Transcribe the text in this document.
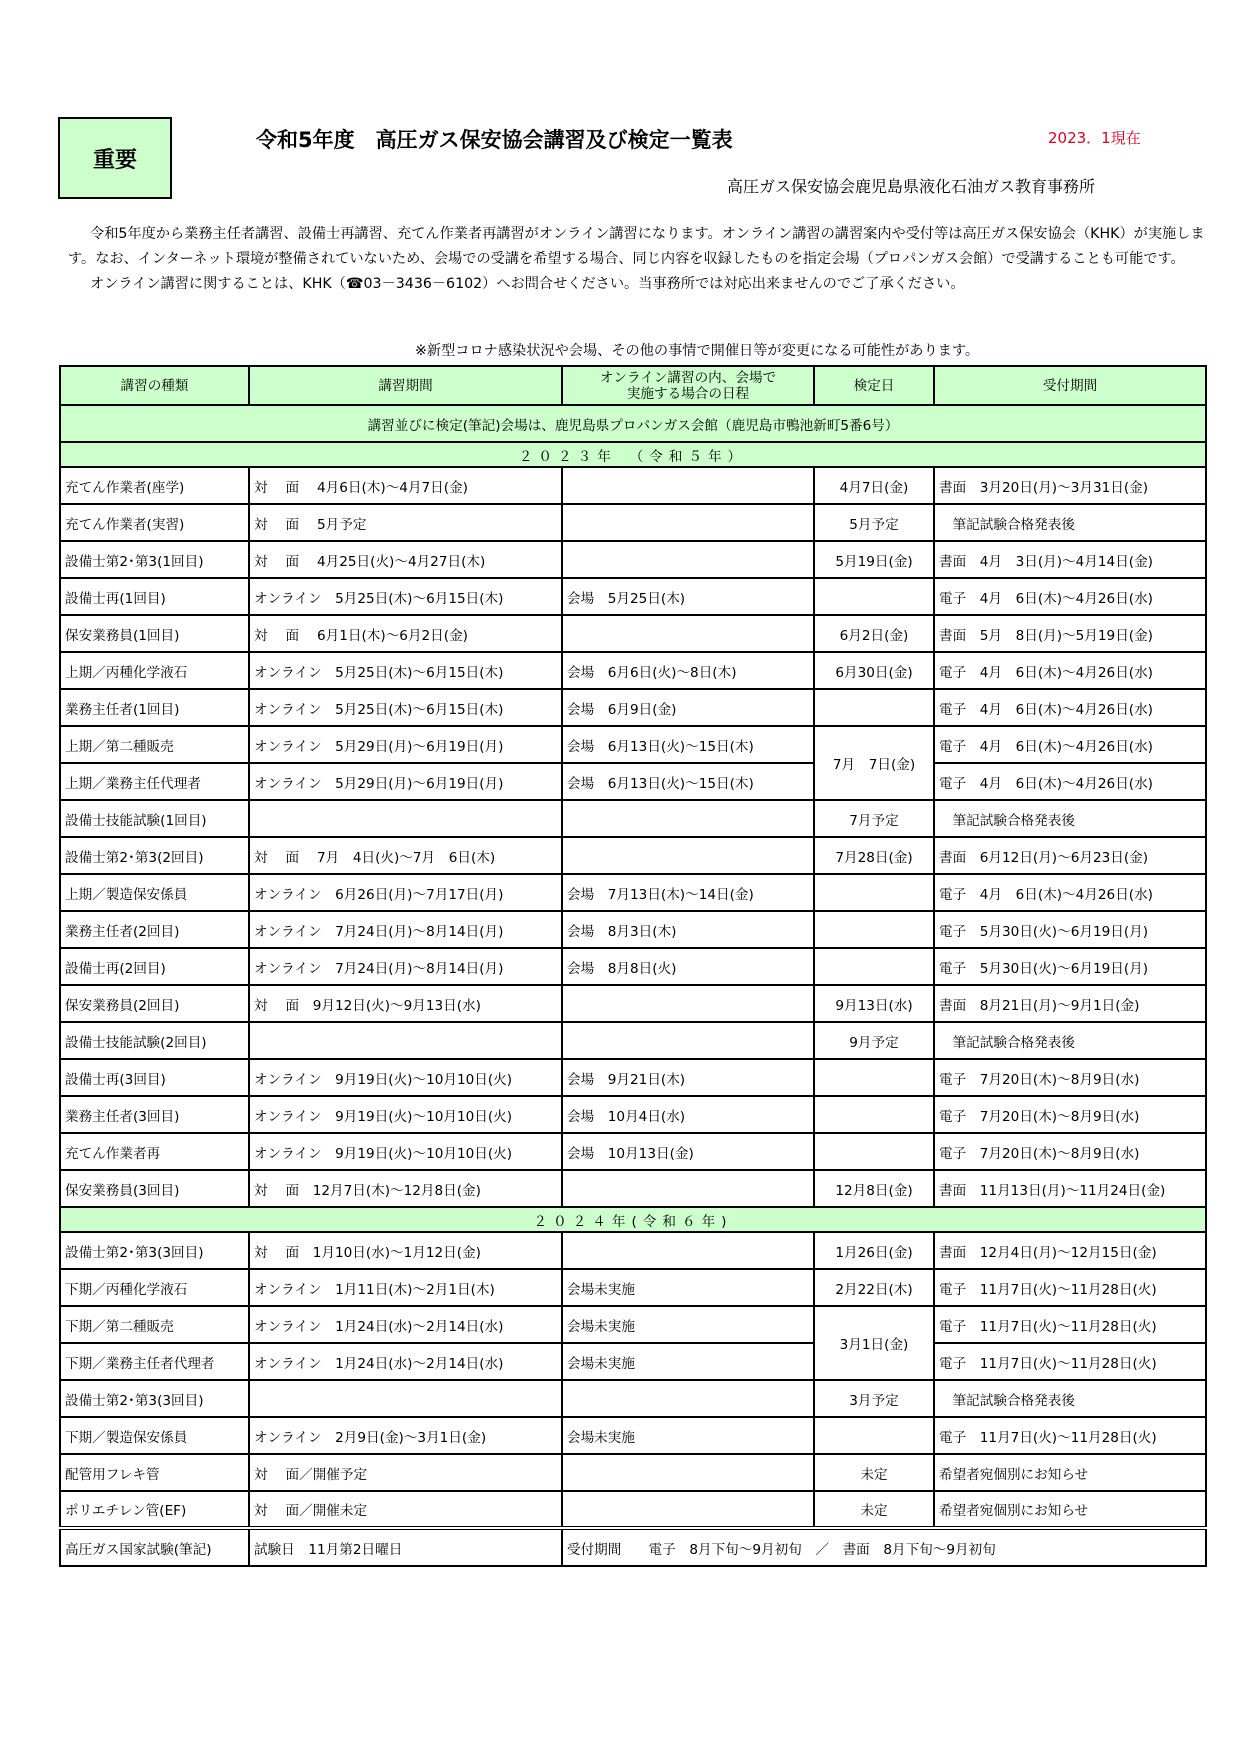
重要
令和5年度　高圧ガス保安協会講習及び検定一覧表	2023．1現在
高圧ガス保安協会鹿児島県液化石油ガス教育事務所

令和5年度から業務主任者講習、設備士再講習、充てん作業者再講習がオンライン講習になります。オンライン講習の講習案内や受付等は高圧ガス保安協会（KHK）が実施します。なお、インターネット環境が整備されていないため、会場での受講を希望する場合、同じ内容を収録したものを指定会場（プロパンガス会館）で受講することも可能です。

オンライン講習に関することは、KHK（☎03－3436－6102）へお問合せください。当事務所では対応出来ませんのでご了承ください。

※新型コロナ感染状況や会場、その他の事情で開催日等が変更になる可能性があります。
講習の種類	講習期間	オンライン講習の内、会場で
実施する場合の日程	検定日	受付期間
講習並びに検定(筆記)会場は、鹿児島県プロパンガス会館（鹿児島市鴨池新町5番6号）				
２０２３年　（令和５年）				
充てん作業者(座学)	対　 面　 4月6日(木)～4月7日(金)		4月7日(金)	書面　3月20日(月)～3月31日(金)
充てん作業者(実習)	対　 面　 5月予定		5月予定	　筆記試験合格発表後
設備士第2･第3(1回目)	対　 面　 4月25日(火)～4月27日(木)		5月19日(金)	書面　4月　3日(月)～4月14日(金)
設備士再(1回目)	オンライン　5月25日(木)～6月15日(木)	会場　5月25日(木)		電子　4月　6日(木)～4月26日(水)
保安業務員(1回目)	対　 面　 6月1日(木)～6月2日(金)		6月2日(金)	書面　5月　8日(月)～5月19日(金)
上期／丙種化学液石	オンライン　5月25日(木)～6月15日(木)	会場　6月6日(火)～8日(木)	6月30日(金)	電子　4月　6日(木)～4月26日(水)
業務主任者(1回目)	オンライン　5月25日(木)～6月15日(木)	会場　6月9日(金)		電子　4月　6日(木)～4月26日(水)
上期／第二種販売	オンライン　5月29日(月)～6月19日(月)	会場　6月13日(火)～15日(木)	7月　7日(金)	電子　4月　6日(木)～4月26日(水)
上期／業務主任代理者	オンライン　5月29日(月)～6月19日(月)	会場　6月13日(火)～15日(木)		電子　4月　6日(木)～4月26日(水)
設備士技能試験(1回目)			7月予定	　筆記試験合格発表後
設備士第2･第3(2回目)	対　 面　 7月　4日(火)～7月　6日(木)		7月28日(金)	書面　6月12日(月)～6月23日(金)
上期／製造保安係員	オンライン　6月26日(月)～7月17日(月)	会場　7月13日(木)～14日(金)		電子　4月　6日(木)～4月26日(水)
業務主任者(2回目)	オンライン　7月24日(月)～8月14日(月)	会場　8月3日(木)		電子　5月30日(火)～6月19日(月)
設備士再(2回目)	オンライン　7月24日(月)～8月14日(月)	会場　8月8日(火)		電子　5月30日(火)～6月19日(月)
保安業務員(2回目)	対　 面　9月12日(火)～9月13日(水)		9月13日(水)	書面　8月21日(月)～9月1日(金)
設備士技能試験(2回目)			9月予定	　筆記試験合格発表後
設備士再(3回目)	オンライン　9月19日(火)～10月10日(火)	会場　9月21日(木)		電子　7月20日(木)～8月9日(水)
業務主任者(3回目)	オンライン　9月19日(火)～10月10日(火)	会場　10月4日(水)		電子　7月20日(木)～8月9日(水)
充てん作業者再	オンライン　9月19日(火)～10月10日(火)	会場　10月13日(金)		電子　7月20日(木)～8月9日(水)
保安業務員(3回目)	対　 面　12月7日(木)～12月8日(金)		12月8日(金)	書面　11月13日(月)～11月24日(金)
２０２４年(令和６年)				
設備士第2･第3(3回目)	対　 面　1月10日(水)～1月12日(金)		1月26日(金)	書面　12月4日(月)～12月15日(金)
下期／丙種化学液石	オンライン　1月11日(木)～2月1日(木)	会場未実施	2月22日(木)	電子　11月7日(火)～11月28日(火)
下期／第二種販売	オンライン　1月24日(水)～2月14日(水)	会場未実施	3月1日(金)	電子　11月7日(火)～11月28日(火)
下期／業務主任者代理者	オンライン　1月24日(水)～2月14日(水)	会場未実施		電子　11月7日(火)～11月28日(火)
設備士第2･第3(3回目)			3月予定	　筆記試験合格発表後
下期／製造保安係員	オンライン　2月9日(金)～3月1日(金)	会場未実施		電子　11月7日(火)～11月28日(火)
配管用フレキ管	対　 面／開催予定		未定	希望者宛個別にお知らせ
ポリエチレン管(EF)	対　 面／開催未定		未定	希望者宛個別にお知らせ
高圧ガス国家試験(筆記)	試験日　11月第2日曜日	受付期間　　電子　8月下旬～9月初旬　／　書面　8月下旬～9月初旬		
